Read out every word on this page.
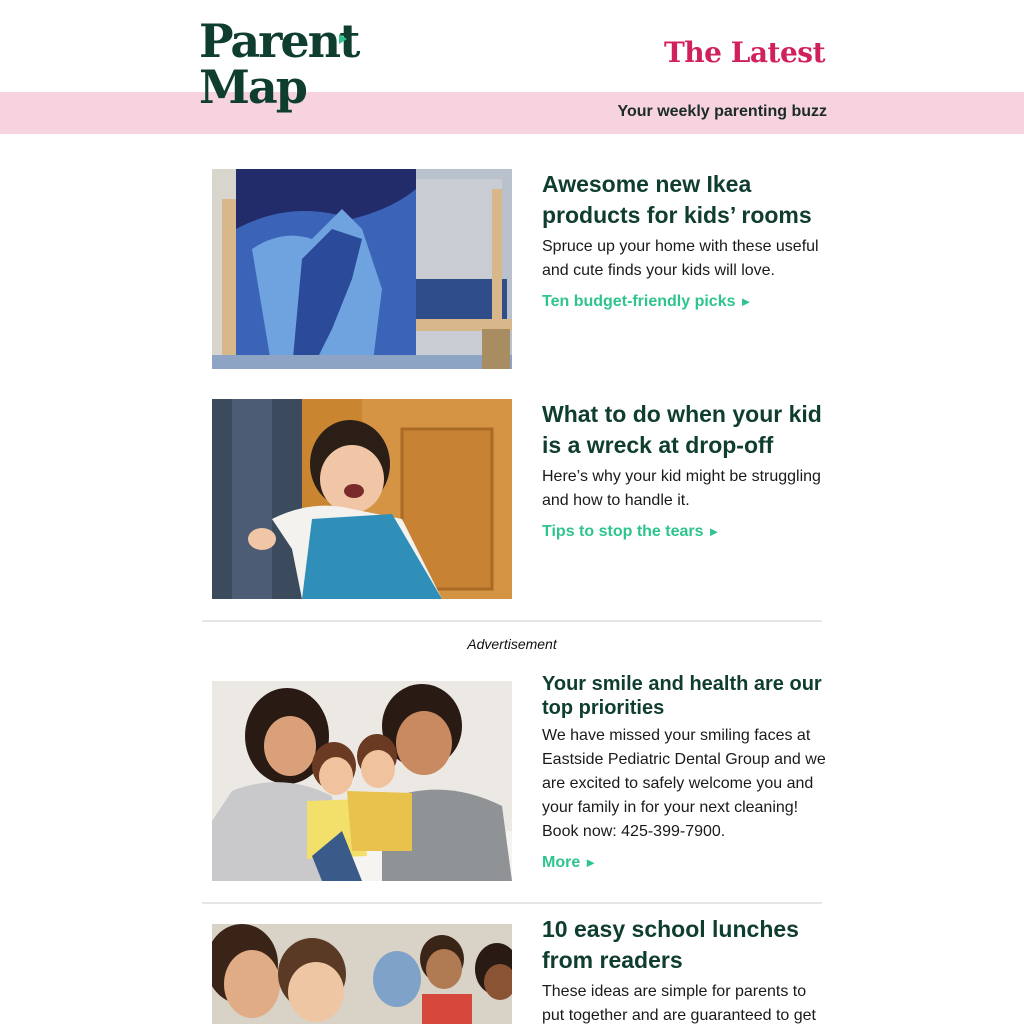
Parent
Map
The Latest
Your weekly parenting buzz
Awesome new Ikea products for kids’ rooms
Spruce up your home with these useful and cute finds your kids will love.
Ten budget-friendly picks ►
What to do when your kid is a wreck at drop-off
Here’s why your kid might be struggling and how to handle it.
Tips to stop the tears ►
Advertisement
Your smile and health are our top priorities
We have missed your smiling faces at Eastside Pediatric Dental Group and we are excited to safely welcome you and your family in for your next cleaning! Book now: 425-399-7900.
More ►
10 easy school lunches from readers
These ideas are simple for parents to put together and are guaranteed to get
